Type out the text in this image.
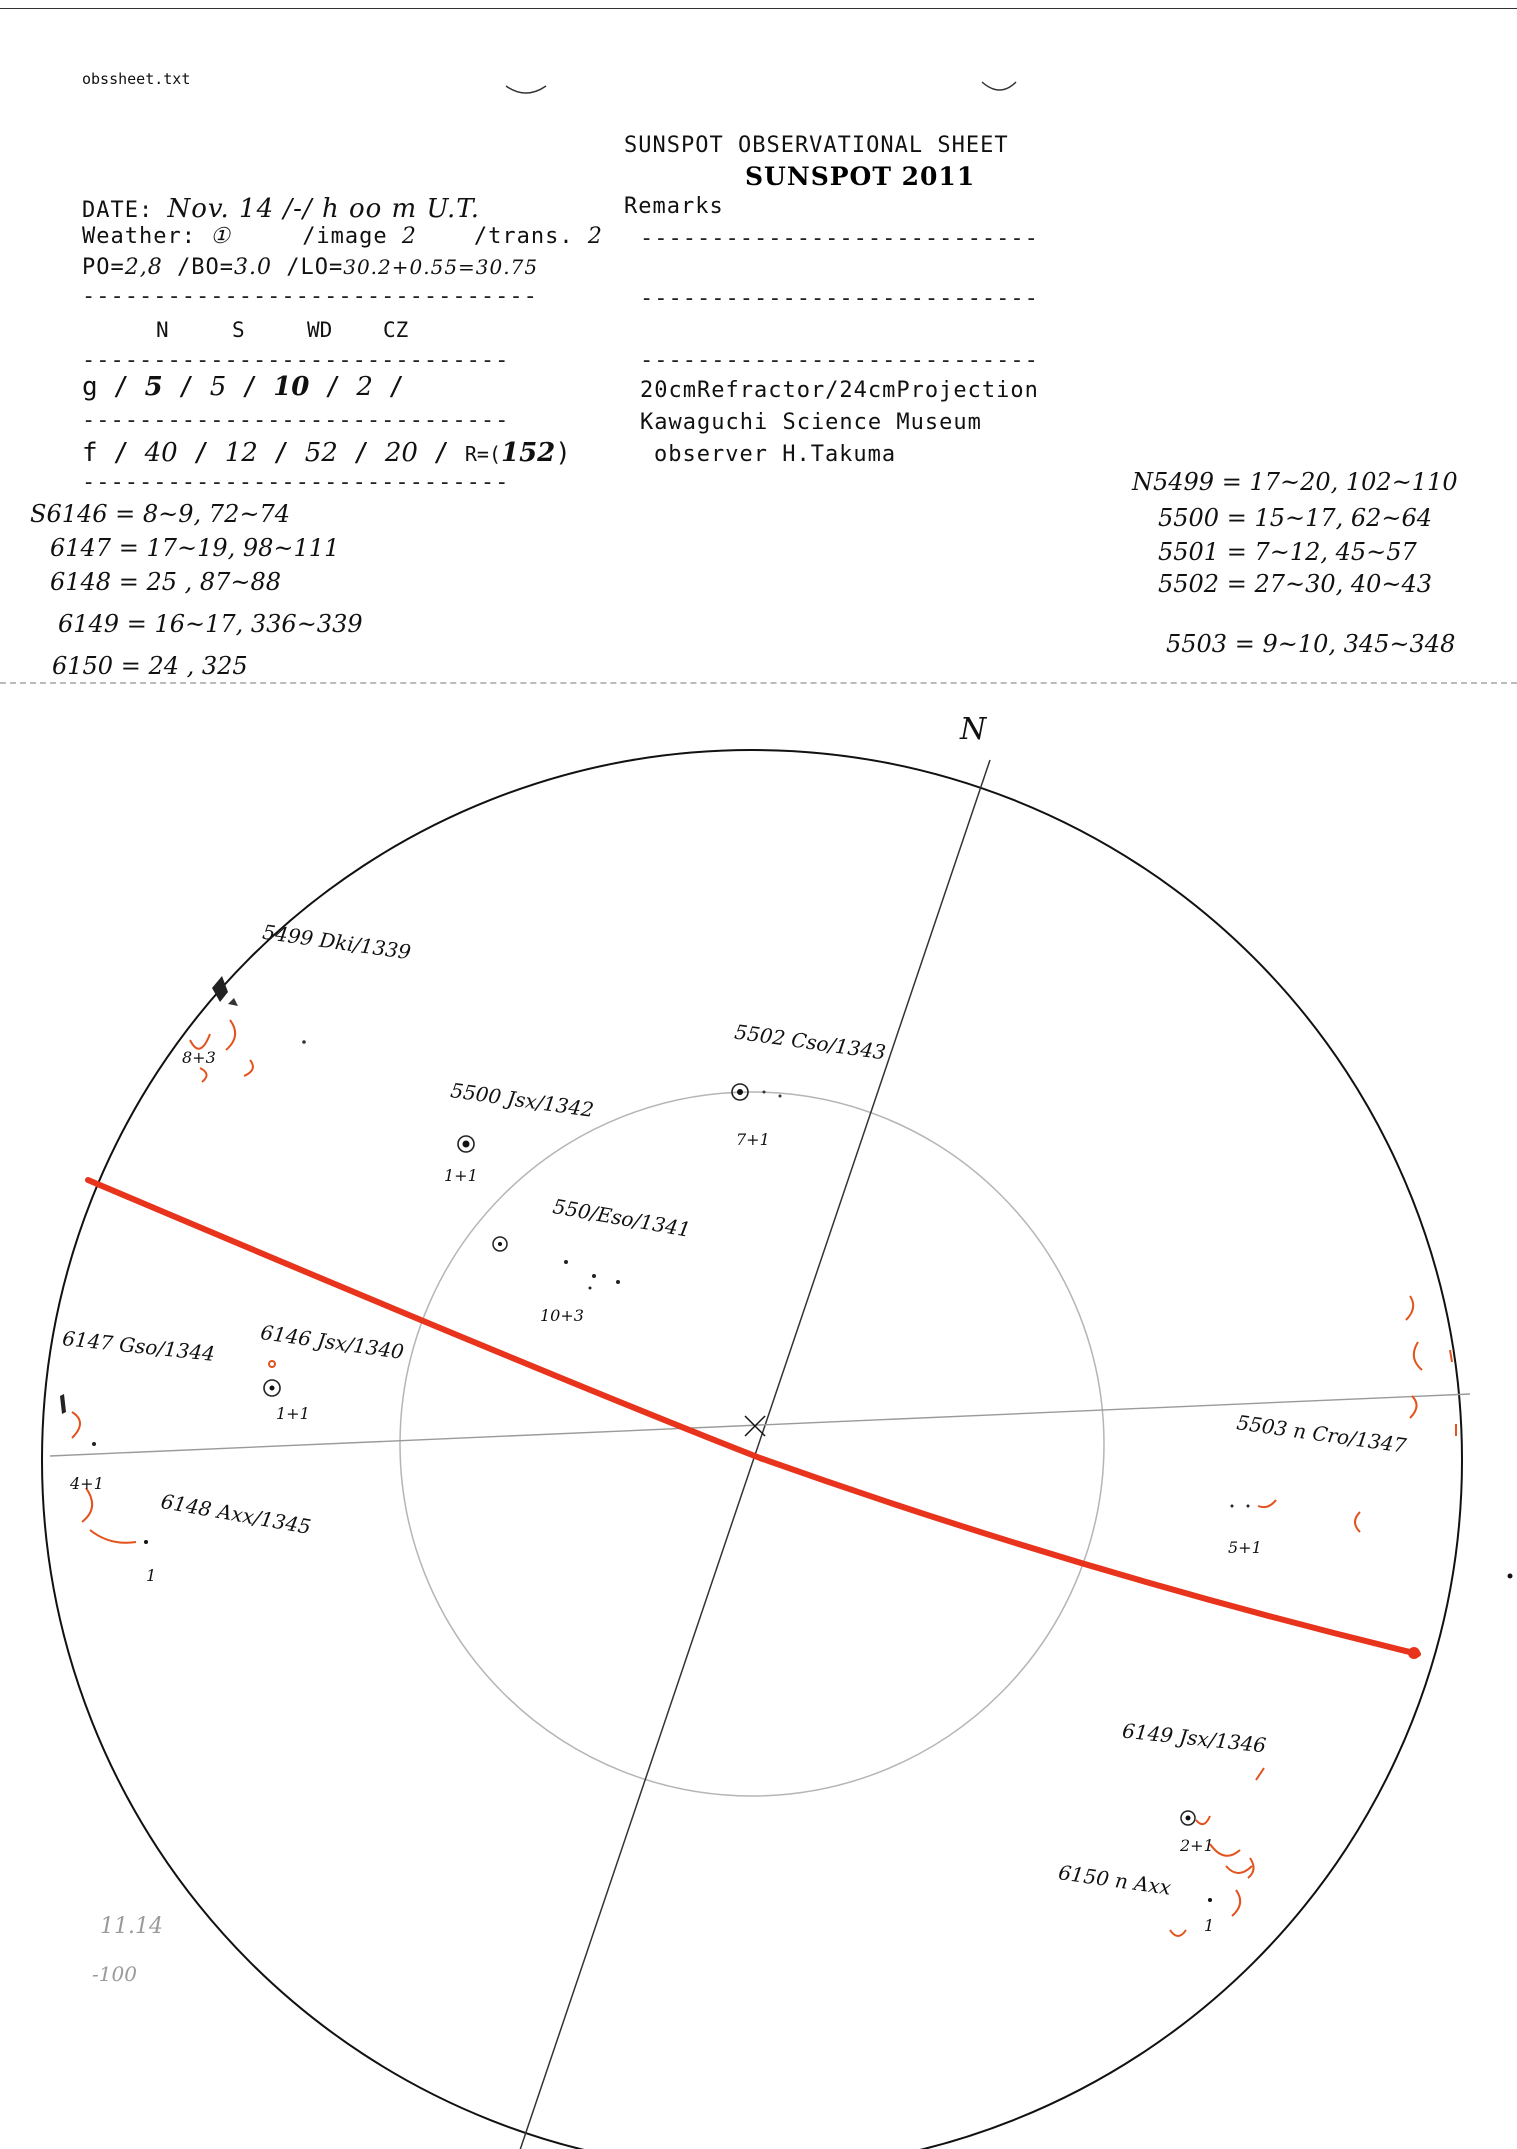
obssheet.txt
SUNSPOT OBSERVATIONAL SHEET
SUNSPOT 2011
DATE: Nov. 14 /-/ h oo m U.T.
Weather: ①	/image 2	/trans. 2
PO=2,8 /BO=3.0 /LO=30.2+0.55=30.75
--------------------------------
N	S	WD CZ
------------------------------
g / 5 / 5 / 10 / 2 /
------------------------------
f / 40 / 12 / 52 / 20 / R=(152)
------------------------------
Remarks
----------------------------
----------------------------
----------------------------
20cmRefractor/24cmProjection
Kawaguchi Science Museum
observer H.Takuma
S6146 = 8~9, 72~74
6147 = 17~19, 98~111
6148 = 25 , 87~88
6149 = 16~17, 336~339
6150 = 24 , 325
N5499 = 17~20, 102~110
5500 = 15~17, 62~64
5501 = 7~12, 45~57
5502 = 27~30, 40~43
5503 = 9~10, 345~348
N
5499 Dki/1339
8+3
5500 Jsx/1342
1+1
5502 Cso/1343
7+1
550/Eso/1341
10+3
6147 Gso/1344
4+1
6146 Jsx/1340
1+1
6148 Axx/1345
1
5503 n Cro/1347
5+1
6149 Jsx/1346
2+1
6150 n Axx
1
11.14
-100
